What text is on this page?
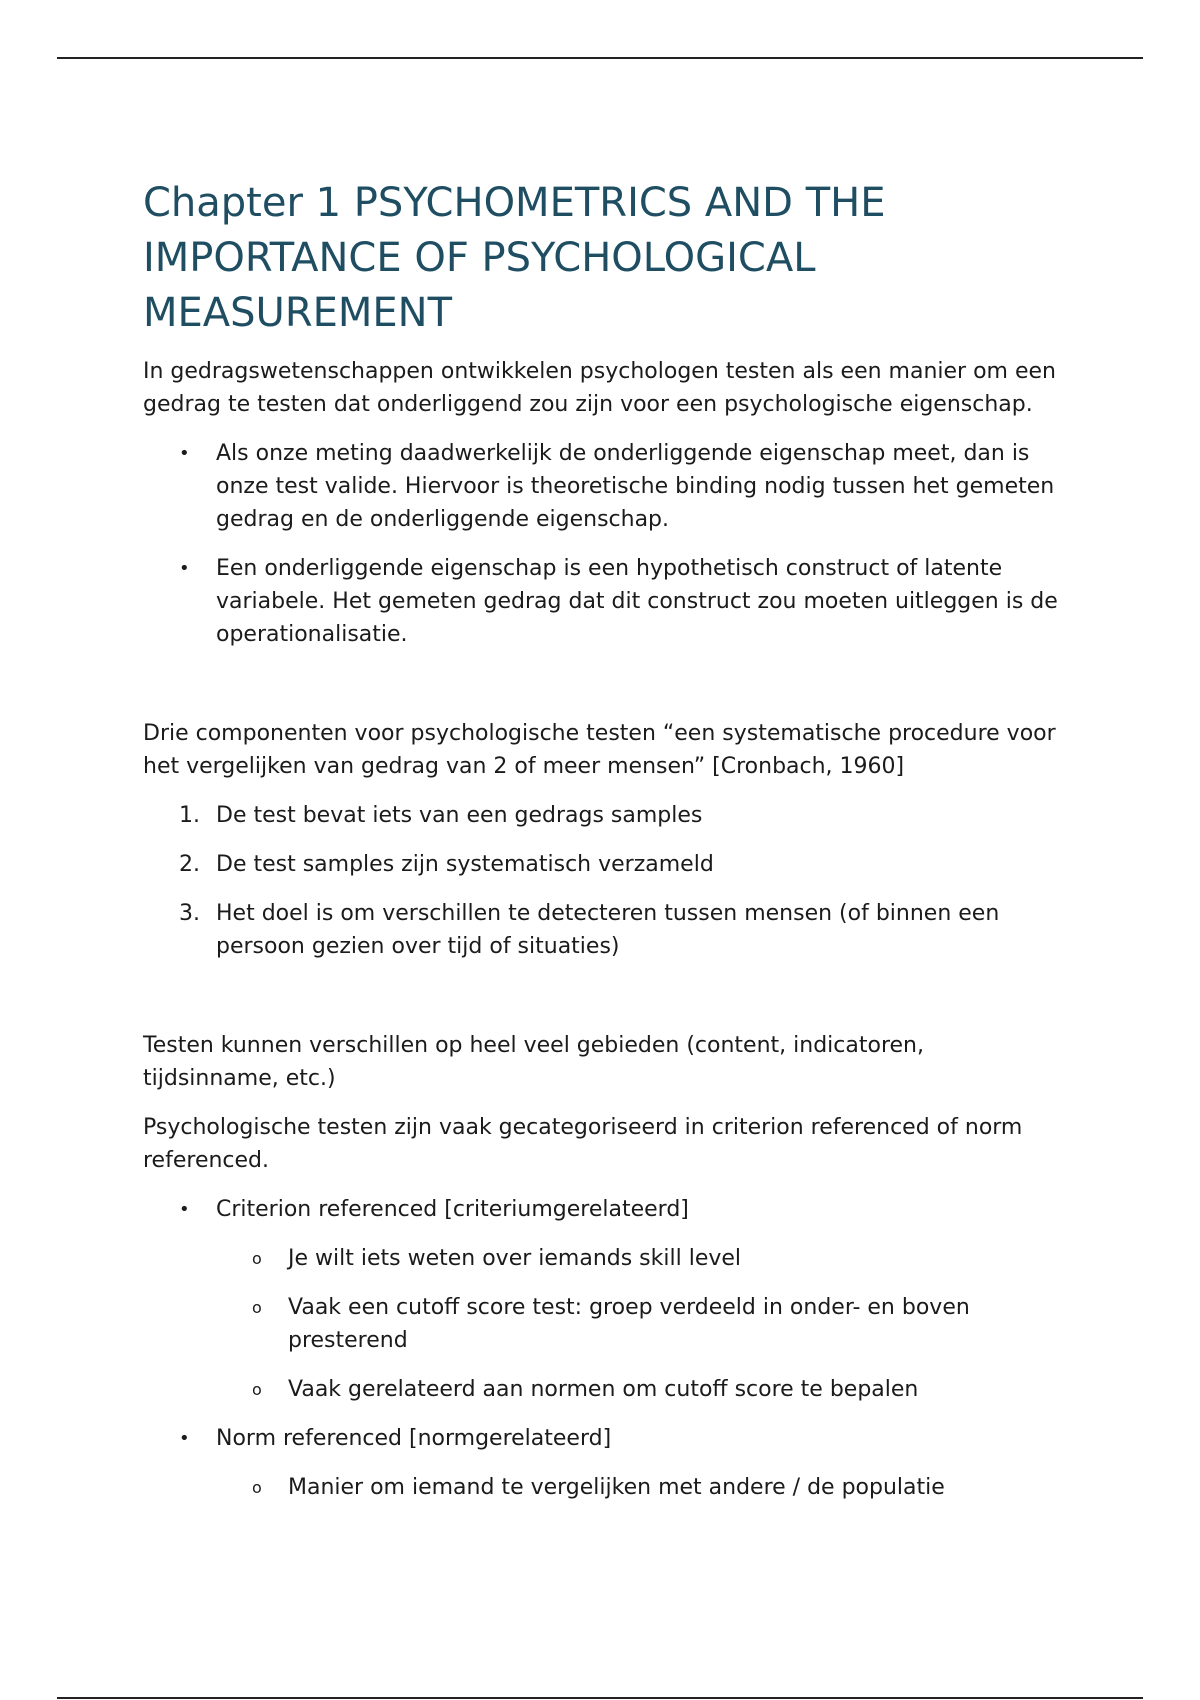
Chapter 1 PSYCHOMETRICS AND THE IMPORTANCE OF PSYCHOLOGICAL MEASUREMENT

In gedragswetenschappen ontwikkelen psychologen testen als een manier om een gedrag te testen dat onderliggend zou zijn voor een psychologische eigenschap.

• Als onze meting daadwerkelijk de onderliggende eigenschap meet, dan is onze test valide. Hiervoor is theoretische binding nodig tussen het gemeten gedrag en de onderliggende eigenschap.
• Een onderliggende eigenschap is een hypothetisch construct of latente variabele. Het gemeten gedrag dat dit construct zou moeten uitleggen is de operationalisatie.

Drie componenten voor psychologische testen “een systematische procedure voor het vergelijken van gedrag van 2 of meer mensen” [Cronbach, 1960]

1. De test bevat iets van een gedrags samples
2. De test samples zijn systematisch verzameld
3. Het doel is om verschillen te detecteren tussen mensen (of binnen een persoon gezien over tijd of situaties)

Testen kunnen verschillen op heel veel gebieden (content, indicatoren, tijdsinname, etc.)

Psychologische testen zijn vaak gecategoriseerd in criterion referenced of norm referenced.

• Criterion referenced [criteriumgerelateerd]
o Je wilt iets weten over iemands skill level
o Vaak een cutoff score test: groep verdeeld in onder- en boven presterend
o Vaak gerelateerd aan normen om cutoff score te bepalen
• Norm referenced [normgerelateerd]
o Manier om iemand te vergelijken met andere / de populatie
